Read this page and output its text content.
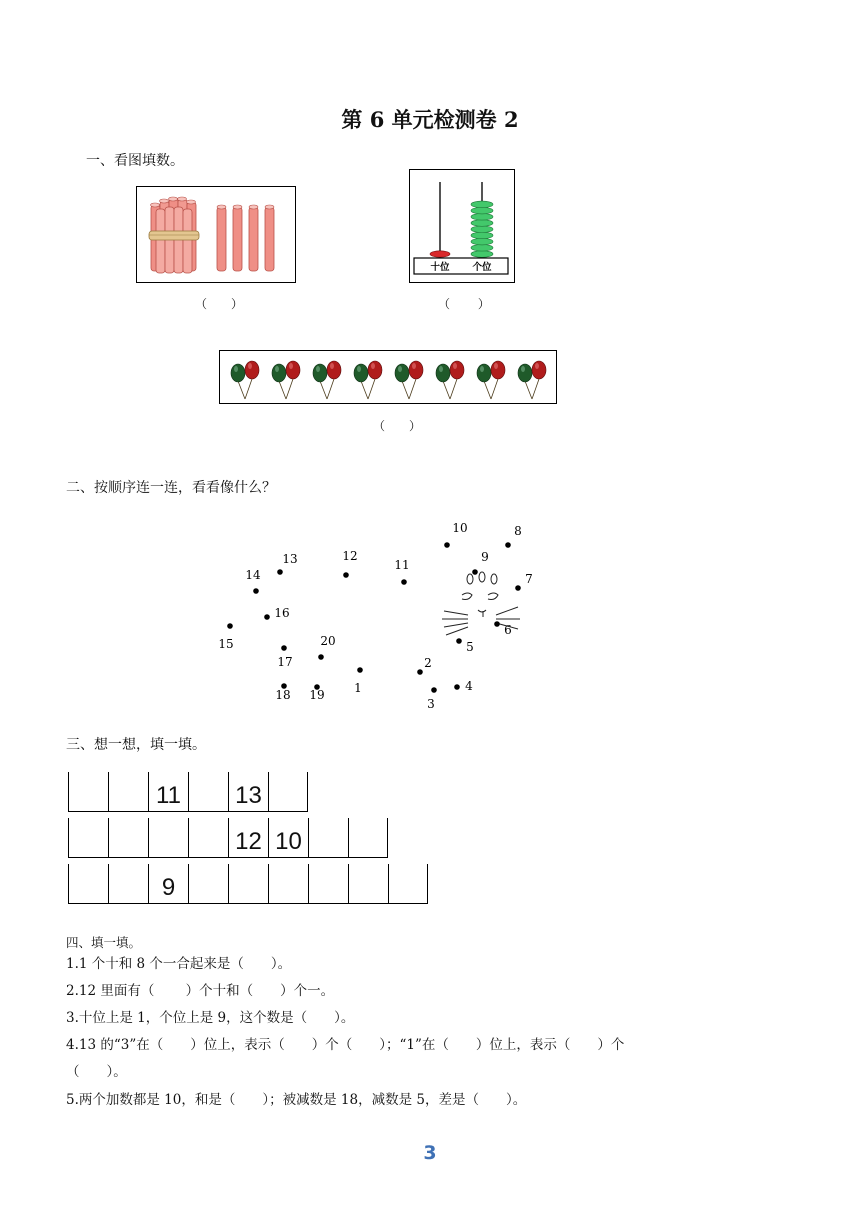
第 6 单元检测卷 2
一、看图填数。
（　　）
十位 个位
（　　 ）
（　　）
二、按顺序连一连，看看像什么？
1
2
3
4
5
6
7
8
9
10
11
12
13
14
15
16
17
18 19
20
三、想一想，填一填。
11 13
12 10
9
四、填一填。
1.1 个十和 8 个一合起来是（　　）。
2.12 里面有（　　 ）个十和（　　）个一。
3.十位上是 1，个位上是 9，这个数是（　　）。
4.13 的“3”在（　　）位上，表示（　　）个（　　）；“1”在（　　）位上，表示（　　）个
（　　）。
5.两个加数都是 10，和是（　　）；被减数是 18，减数是 5，差是（　　）。
3
